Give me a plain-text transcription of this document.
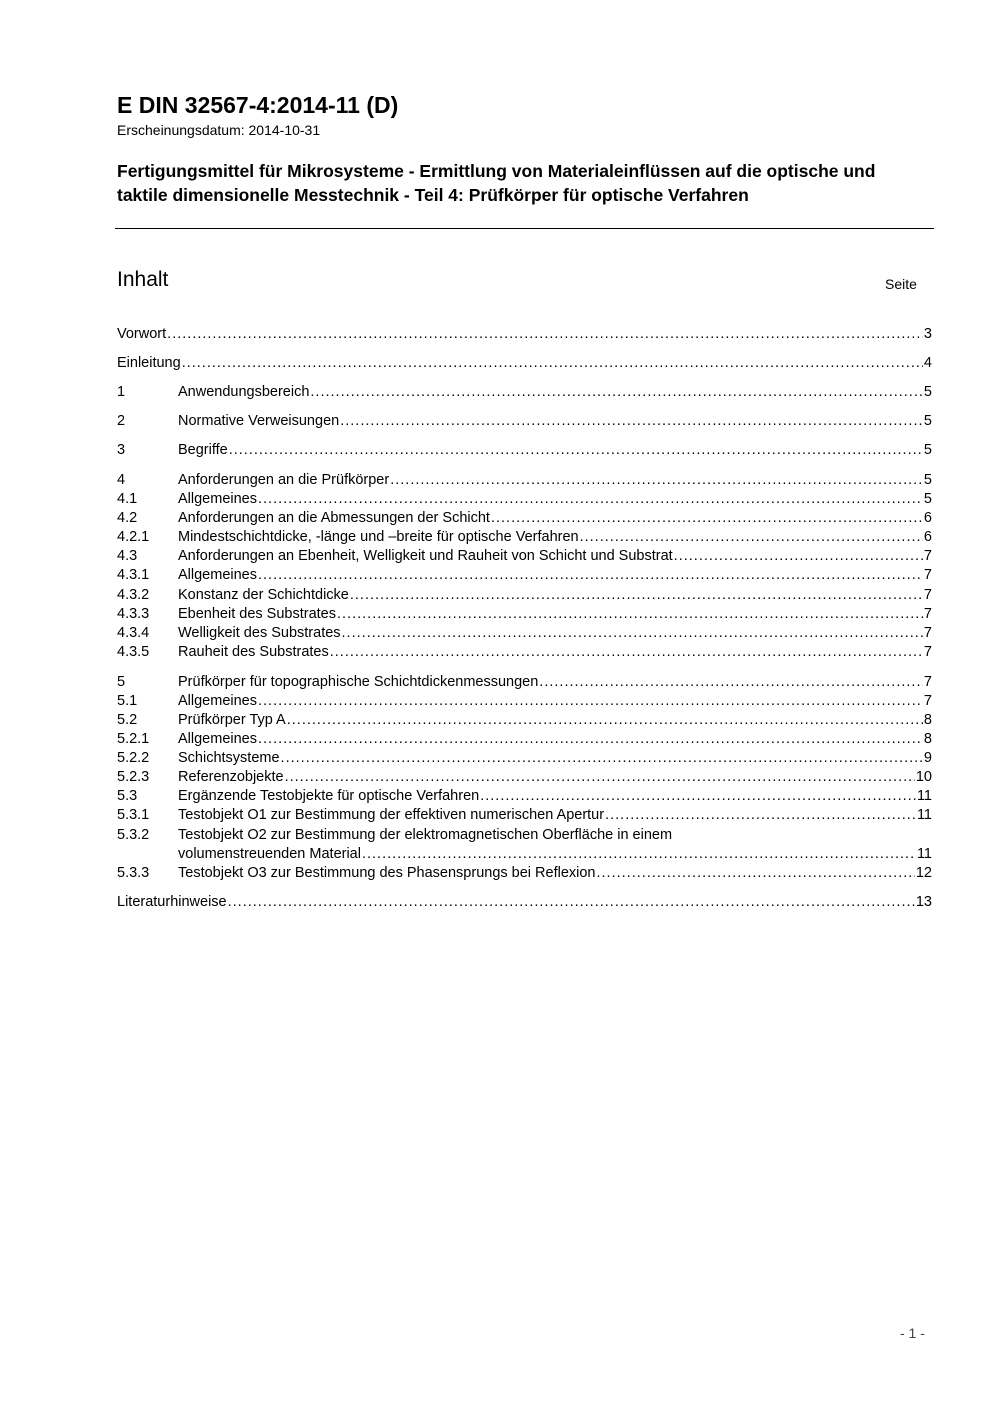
E DIN 32567-4:2014-11 (D)
Erscheinungsdatum: 2014-10-31
Fertigungsmittel für Mikrosysteme - Ermittlung von Materialeinflüssen auf die optische und taktile dimensionelle Messtechnik - Teil 4: Prüfkörper für optische Verfahren
Inhalt	Seite
Vorwort .....	3
Einleitung .....	4
1	Anwendungsbereich .....	5
2	Normative Verweisungen .....	5
3	Begriffe .....	5
4	Anforderungen an die Prüfkörper .....	5
4.1	Allgemeines .....	5
4.2	Anforderungen an die Abmessungen der Schicht .....	6
4.2.1	Mindestschichtdicke, -länge und –breite für optische Verfahren .....	6
4.3	Anforderungen an Ebenheit, Welligkeit und Rauheit von Schicht und Substrat .....	7
4.3.1	Allgemeines .....	7
4.3.2	Konstanz der Schichtdicke .....	7
4.3.3	Ebenheit des Substrates .....	7
4.3.4	Welligkeit des Substrates .....	7
4.3.5	Rauheit des Substrates .....	7
5	Prüfkörper für topographische Schichtdickenmessungen .....	7
5.1	Allgemeines .....	7
5.2	Prüfkörper Typ A .....	8
5.2.1	Allgemeines .....	8
5.2.2	Schichtsysteme .....	9
5.2.3	Referenzobjekte .....	10
5.3	Ergänzende Testobjekte für optische Verfahren .....	11
5.3.1	Testobjekt O1 zur Bestimmung der effektiven numerischen Apertur .....	11
5.3.2	Testobjekt O2 zur Bestimmung der elektromagnetischen Oberfläche in einem
volumenstreuenden Material .....	11
5.3.3	Testobjekt O3 zur Bestimmung des Phasensprungs bei Reflexion .....	12
Literaturhinweise .....	13
- 1 -
